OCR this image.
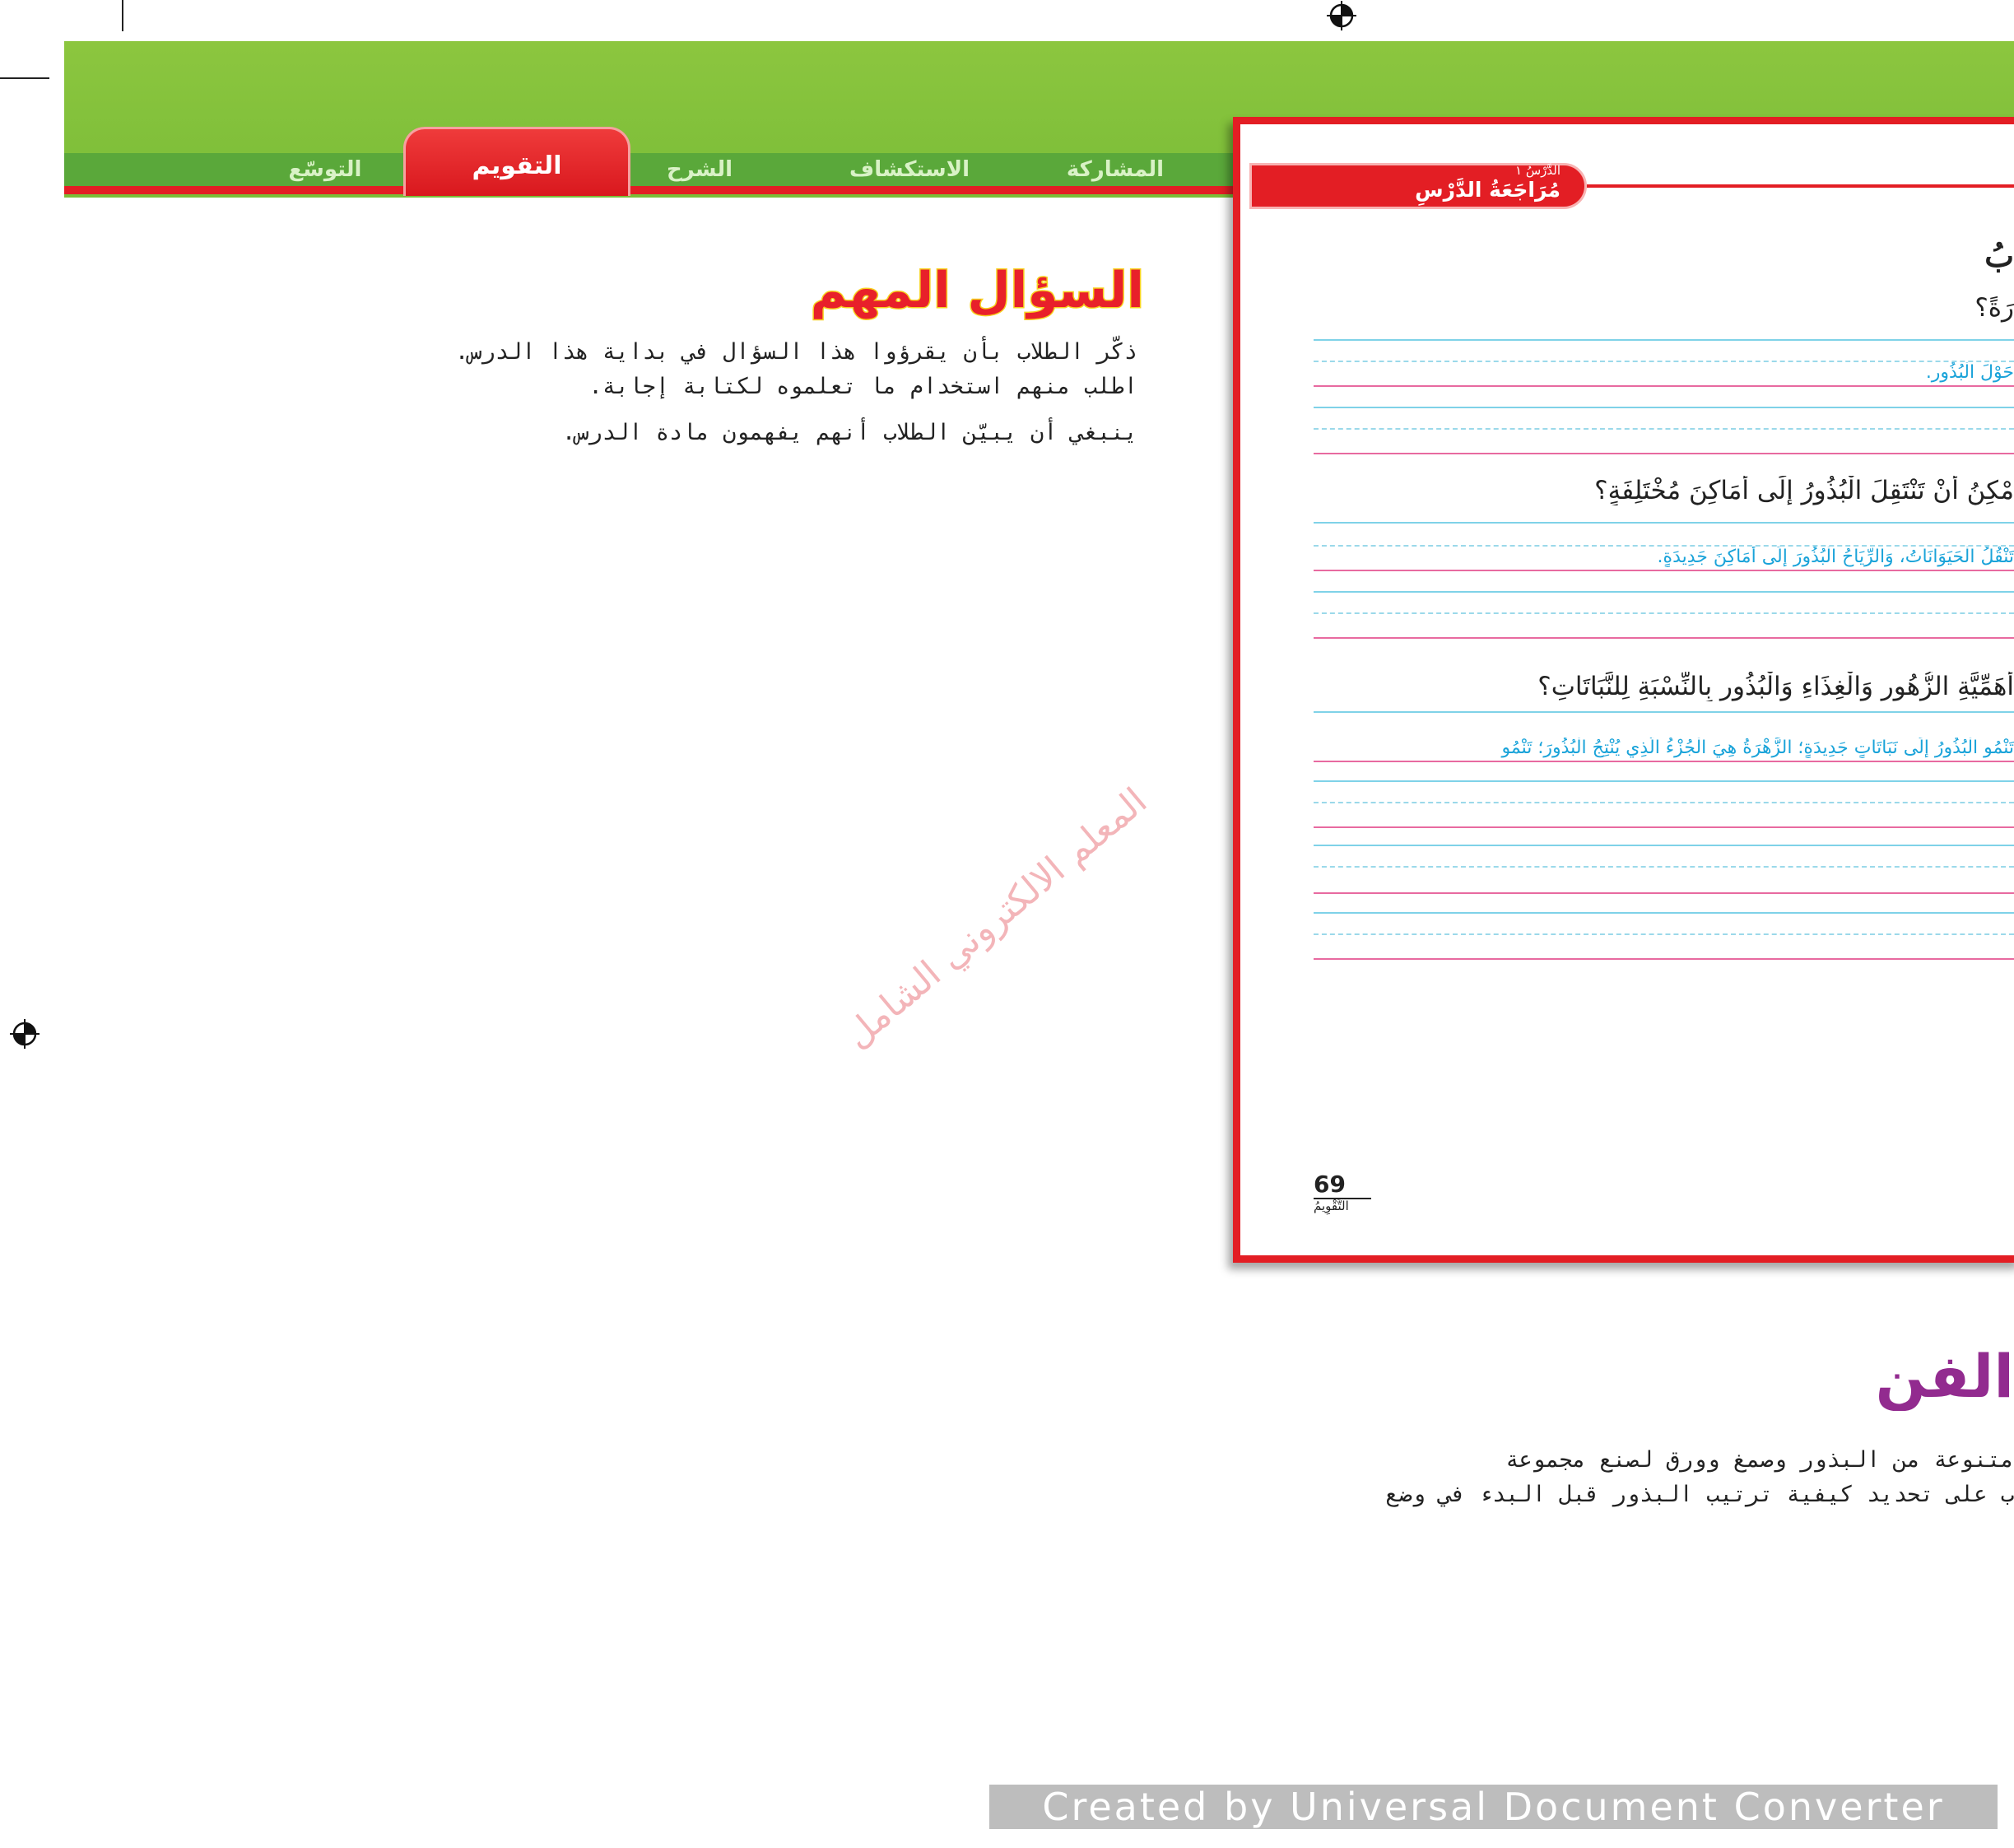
المشاركة
الاستكشاف
الشرح
التقويم
التوسّع
السؤال المهم
ذكّر الطلاب بأن يقرؤوا هذا السؤال في بداية هذا الدرس.
اطلب منهم استخدام ما تعلموه لكتابة إجابة.
ينبغي أن يبيّن الطلاب أنهم يفهمون مادة الدرس.
المعلم الالكتروني الشامل
الدَّرْسُ ١
مُرَاجَعَةُ الدَّرْسِ
بُ
رَةً؟
حَوْلَ الْبُذُورِ.
مْكِنُ أَنْ تَنْتَقِلَ الْبُذُورُ إِلَى أَمَاكِنَ مُخْتَلِفَةٍ؟
تَنْقُلُ الْحَيَوَانَاتُ، وَالرِّيَاحُ الْبُذُورَ إِلَى أَمَاكِنَ جَدِيدَةٍ.
أَهَمِّيَّةِ الزُّهُورِ وَالْغِذَاءِ وَالْبُذُورِ بِالنِّسْبَةِ لِلنَّبَاتَاتِ؟
تَنْمُو الْبُذُورُ إِلَى نَبَاتَاتٍ جَدِيدَةٍ؛ الزَّهْرَةُ هِيَ الْجُزْءُ الَّذِي يُنْتِجُ الْبُذُورَ؛ تَنْمُو
69
التَّقْوِيمُ
الفن
متنوعة من البذور وصمغ وورق لصنع مجموعة
ب على تحديد كيفية ترتيب البذور قبل البدء في وضع
Created by Universal Document Converter
